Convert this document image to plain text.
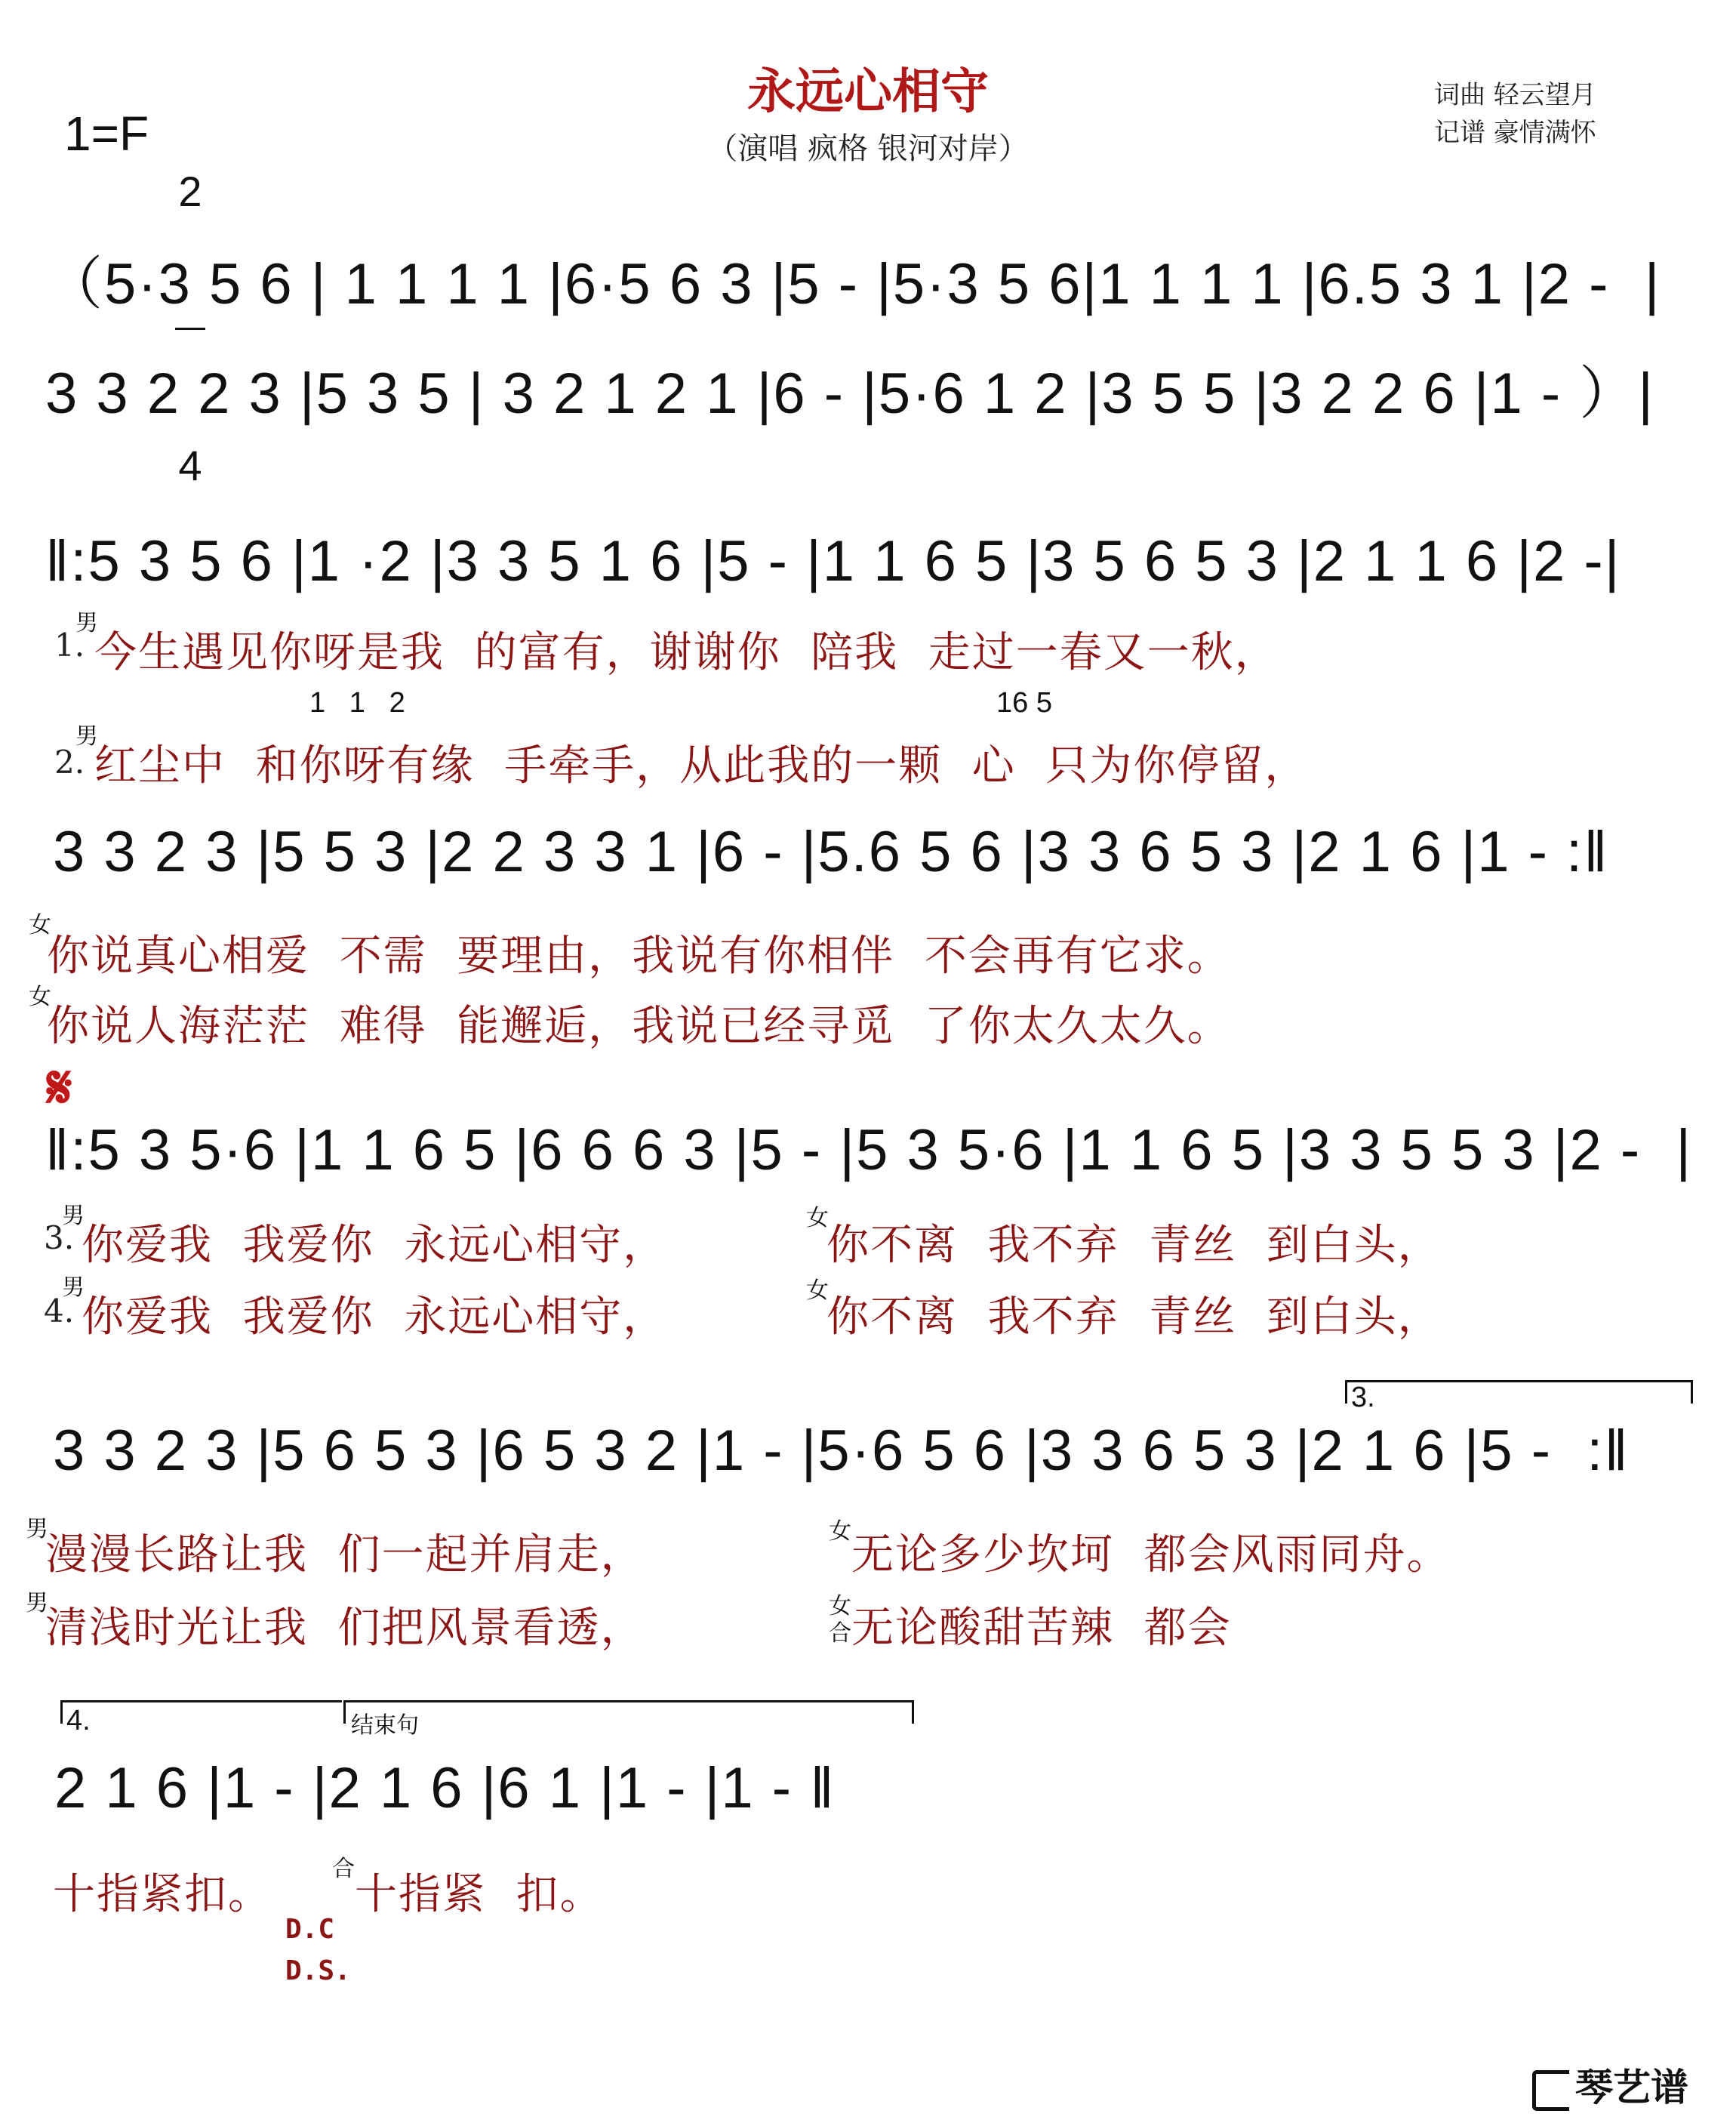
永远心相守
（演唱 疯格 银河对岸）
1=F

2

4

词曲 轻云望月
记谱 豪情满怀
（5·3 5 6 | 1 1 1 1 |6·5 6 3 |5 - |5·3 5 6|1 1 1 1 |6.5 3 1 |2 -  |
3 3 2 2 3 |5 3 5 | 3 2 1 2 1 |6 - |5·6 1 2 |3 5 5 |3 2 2 6 |1 - ）|
‖:5 3 5 6 |1 ·2 |3 3 5 1 6 |5 - |1 1 6 5 |3 5 6 5 3 |2 1 1 6 |2 -|
男
1. 今生遇见你呀是我  的富有，谢谢你  陪我  走过一春又一秋，
1   1   2	16 5
男
2. 红尘中  和你呀有缘  手牵手，从此我的一颗  心  只为你停留，
3 3 2 3 |5 5 3 |2 2 3 3 1 |6 - |5.6 5 6 |3 3 6 5 3 |2 1 6 |1 - :‖
女
你说真心相爱  不需  要理由，我说有你相伴  不会再有它求。
女
你说人海茫茫  难得  能邂逅，我说已经寻觅  了你太久太久。
𝄋
‖:5 3 5·6 |1 1 6 5 |6 6 6 3 |5 - |5 3 5·6 |1 1 6 5 |3 3 5 5 3 |2 -  |
男
3. 你爱我  我爱你  永远心相守，
女
你不离  我不弃  青丝  到白头，
男
4. 你爱我  我爱你  永远心相守，
女
你不离  我不弃  青丝  到白头，
3.
3 3 2 3 |5 6 5 3 |6 5 3 2 |1 - |5·6 5 6 |3 3 6 5 3 |2 1 6 |5 -  :‖
男
漫漫长路让我  们一起并肩走，	女 无论多少坎坷  都会风雨同舟。
男
清浅时光让我  们把风景看透，	女
合 无论酸甜苦辣  都会
4.	结束句
2 1 6 |1 - |2 1 6 |6 1 |1 - |1 - ‖
十指紧扣。
合
十指紧  扣。
D.C
D.S.
琴艺谱
